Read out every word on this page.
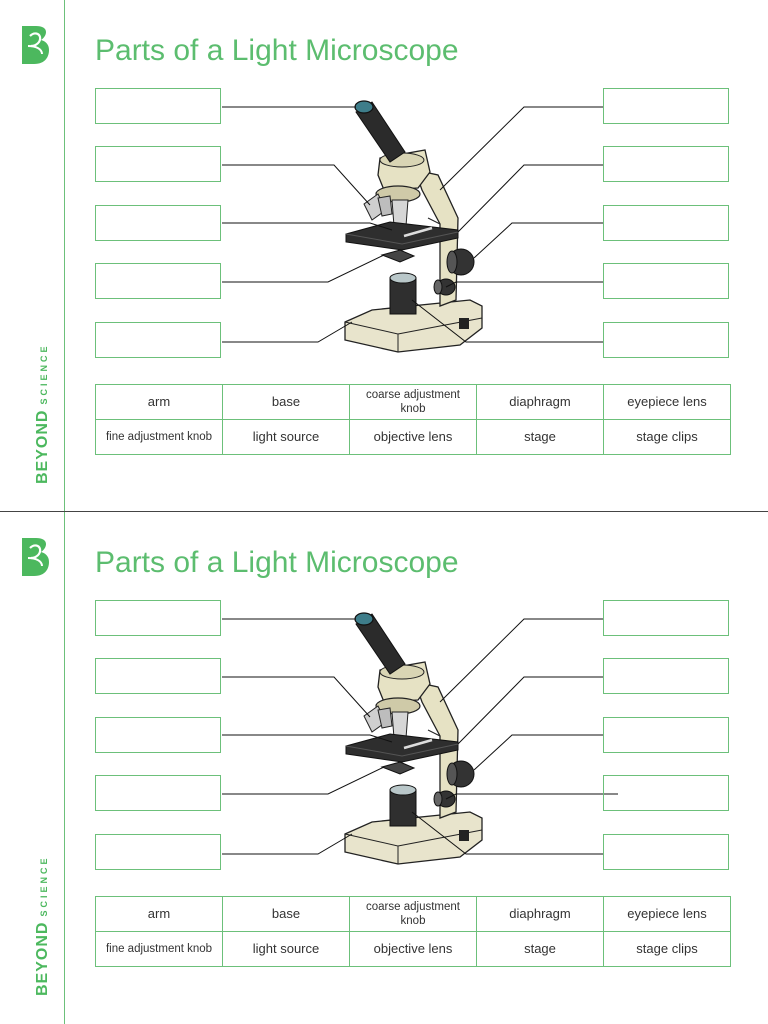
BEYONDSCIENCE
Parts of a Light Microscope
arm	base	coarse adjustment knob	diaphragm	eyepiece lens
fine adjustment knob	light source	objective lens	stage	stage clips
BEYONDSCIENCE
Parts of a Light Microscope
arm	base	coarse adjustment knob	diaphragm	eyepiece lens
fine adjustment knob	light source	objective lens	stage	stage clips
